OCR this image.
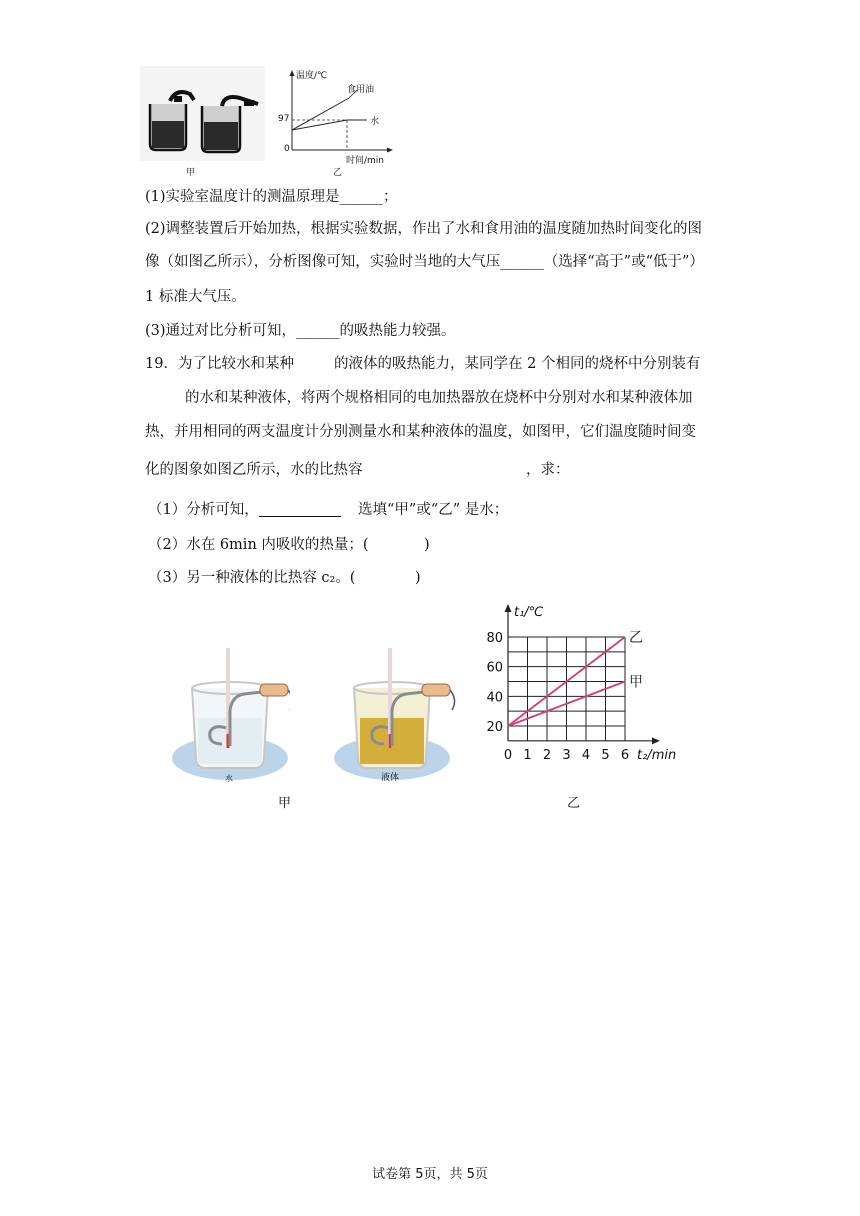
甲
温度/℃
食用油
97	水
0
时间/min
乙
(1)实验室温度计的测温原理是______；
(2)调整装置后开始加热，根据实验数据，作出了水和食用油的温度随加热时间变化的图
像（如图乙所示），分析图像可知，实验时当地的大气压______（选择“高于”或“低于”）
1 标准大气压。
(3)通过对比分析可知，______的吸热能力较强。
19．为了比较水和某种	的液体的吸热能力，某同学在 2 个相同的烧杯中分别装有
的水和某种液体，将两个规格相同的电加热器放在烧杯中分别对水和某种液体加
热，并用相同的两支温度计分别测量水和某种液体的温度，如图甲，它们温度随时间变
化的图象如图乙所示，水的比热容	，求：
（1）分析可知，	选填“甲”或“乙” 是水；
（2）水在 6min 内吸收的热量；(	)
（3）另一种液体的比热容 c₂。(	)
水	液体
甲
乙
甲
0 1 2 3 4 5 6
20
40
60
80
t₁/℃
t₂/min
乙
试卷第 5页，共 5页
